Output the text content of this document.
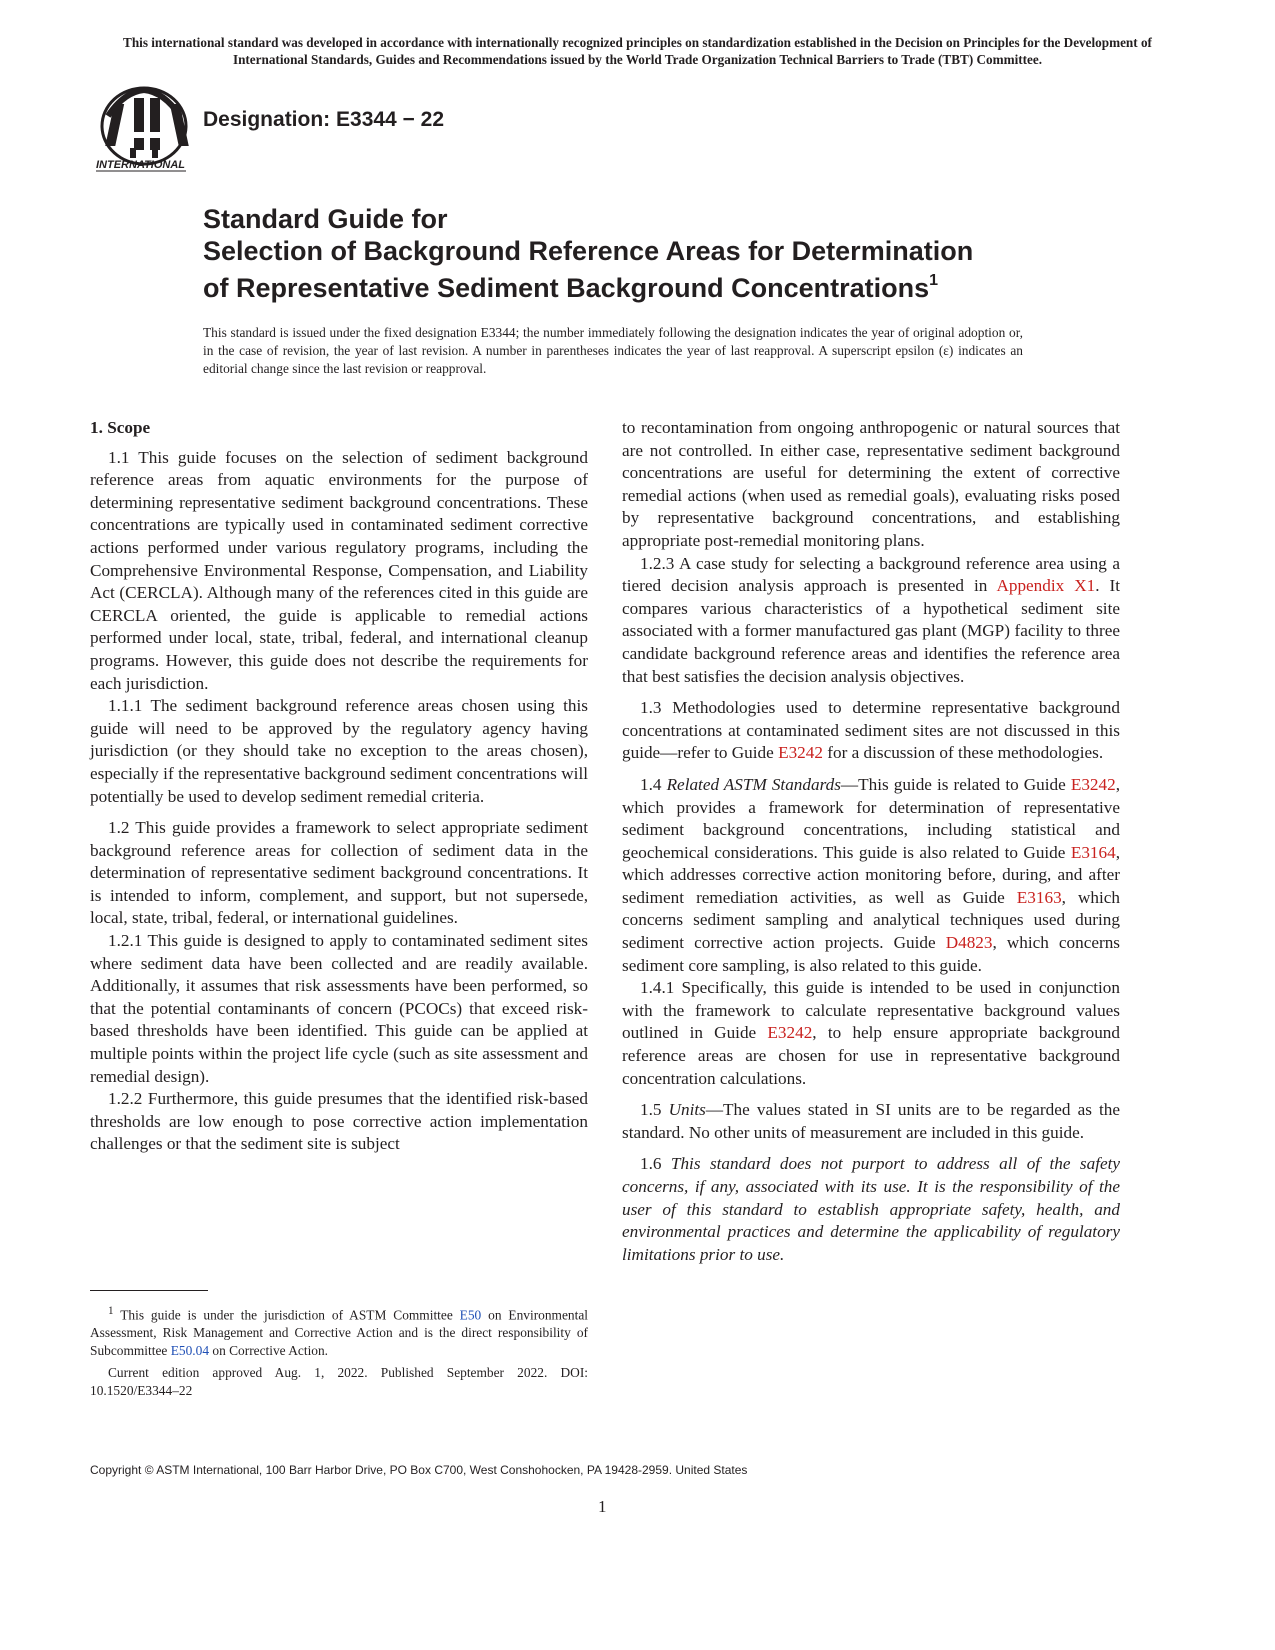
This international standard was developed in accordance with internationally recognized principles on standardization established in the Decision on Principles for the Development of International Standards, Guides and Recommendations issued by the World Trade Organization Technical Barriers to Trade (TBT) Committee.
INTERNATIONAL
Designation: E3344 − 22
Standard Guide for
Selection of Background Reference Areas for Determination
of Representative Sediment Background Concentrations$^1$
This standard is issued under the fixed designation E3344; the number immediately following the designation indicates the year of original adoption or, in the case of revision, the year of last revision. A number in parentheses indicates the year of last reapproval. A superscript epsilon (ε) indicates an editorial change since the last revision or reapproval.
1. Scope

1.1 This guide focuses on the selection of sediment background reference areas from aquatic environments for the purpose of determining representative sediment background concentrations. These concentrations are typically used in contaminated sediment corrective actions performed under various regulatory programs, including the Comprehensive Environmental Response, Compensation, and Liability Act (CERCLA). Although many of the references cited in this guide are CERCLA oriented, the guide is applicable to remedial actions performed under local, state, tribal, federal, and international cleanup programs. However, this guide does not describe the requirements for each jurisdiction.

1.1.1 The sediment background reference areas chosen using this guide will need to be approved by the regulatory agency having jurisdiction (or they should take no exception to the areas chosen), especially if the representative background sediment concentrations will potentially be used to develop sediment remedial criteria.

1.2 This guide provides a framework to select appropriate sediment background reference areas for collection of sediment data in the determination of representative sediment background concentrations. It is intended to inform, complement, and support, but not supersede, local, state, tribal, federal, or international guidelines.

1.2.1 This guide is designed to apply to contaminated sediment sites where sediment data have been collected and are readily available. Additionally, it assumes that risk assessments have been performed, so that the potential contaminants of concern (PCOCs) that exceed risk-based thresholds have been identified. This guide can be applied at multiple points within the project life cycle (such as site assessment and remedial design).

1.2.2 Furthermore, this guide presumes that the identified risk-based thresholds are low enough to pose corrective action implementation challenges or that the sediment site is subject

to recontamination from ongoing anthropogenic or natural sources that are not controlled. In either case, representative sediment background concentrations are useful for determining the extent of corrective remedial actions (when used as remedial goals), evaluating risks posed by representative background concentrations, and establishing appropriate post-remedial monitoring plans.

1.2.3 A case study for selecting a background reference area using a tiered decision analysis approach is presented in Appendix X1. It compares various characteristics of a hypothetical sediment site associated with a former manufactured gas plant (MGP) facility to three candidate background reference areas and identifies the reference area that best satisfies the decision analysis objectives.

1.3 Methodologies used to determine representative background concentrations at contaminated sediment sites are not discussed in this guide—refer to Guide E3242 for a discussion of these methodologies.

1.4 Related ASTM Standards—This guide is related to Guide E3242, which provides a framework for determination of representative sediment background concentrations, including statistical and geochemical considerations. This guide is also related to Guide E3164, which addresses corrective action monitoring before, during, and after sediment remediation activities, as well as Guide E3163, which concerns sediment sampling and analytical techniques used during sediment corrective action projects. Guide D4823, which concerns sediment core sampling, is also related to this guide.

1.4.1 Specifically, this guide is intended to be used in conjunction with the framework to calculate representative background values outlined in Guide E3242, to help ensure appropriate background reference areas are chosen for use in representative background concentration calculations.

1.5 Units—The values stated in SI units are to be regarded as the standard. No other units of measurement are included in this guide.

1.6 This standard does not purport to address all of the safety concerns, if any, associated with its use. It is the responsibility of the user of this standard to establish appropriate safety, health, and environmental practices and determine the applicability of regulatory limitations prior to use.

$^1$ This guide is under the jurisdiction of ASTM Committee E50 on Environmental Assessment, Risk Management and Corrective Action and is the direct responsibility of Subcommittee E50.04 on Corrective Action.

Current edition approved Aug. 1, 2022. Published September 2022. DOI: 10.1520/E3344–22

Copyright © ASTM International, 100 Barr Harbor Drive, PO Box C700, West Conshohocken, PA 19428-2959. United States
1
